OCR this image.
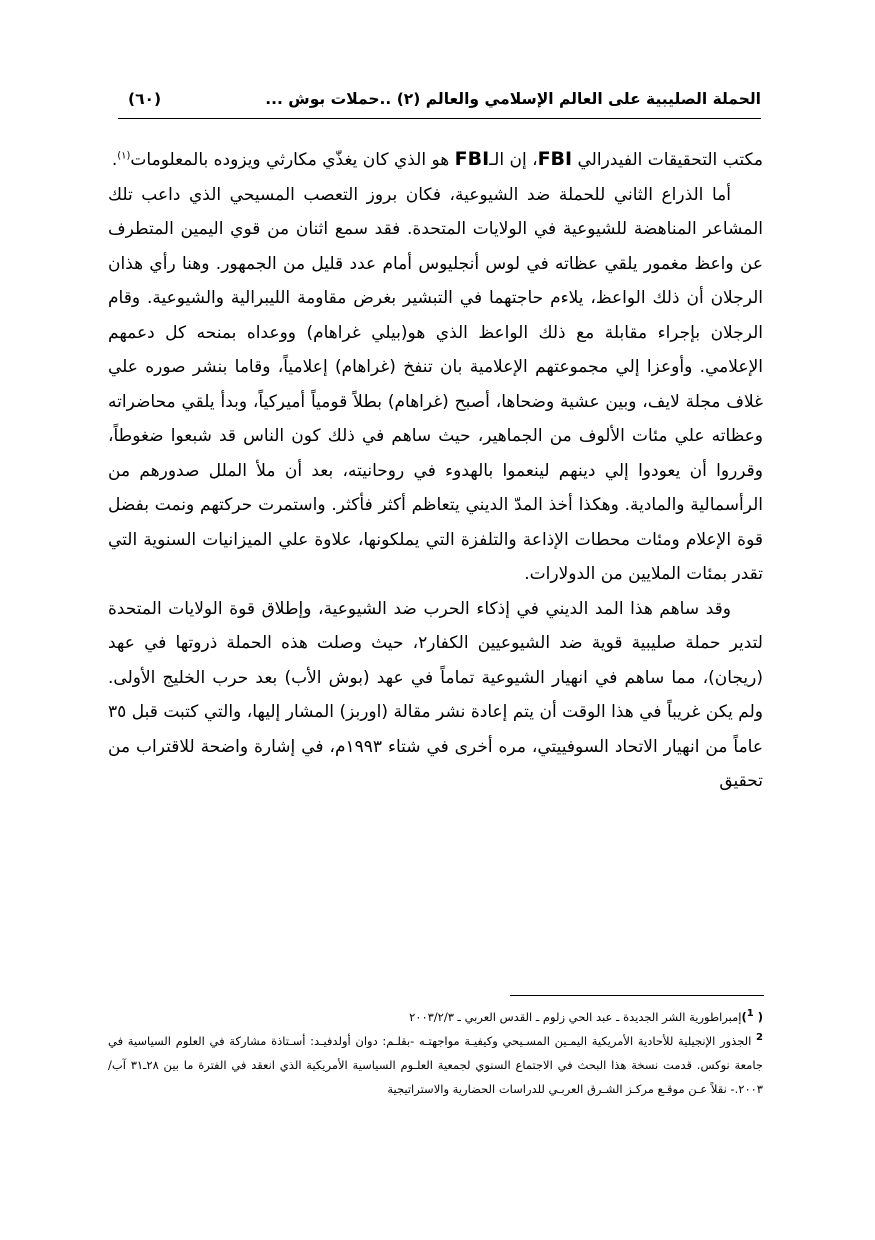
الحملة الصليبية على العالم الإسلامي والعالم (٢) ..حملات بوش ...
(٦٠)

مكتب التحقيقات الفيدرالي FBI، إن الـFBI هو الذي كان يغذّي مكارثي ويزوده بالمعلومات$^{(١)}$.

أما الذراع الثاني للحملة ضد الشيوعية، فكان بروز التعصب المسيحي الذي داعب تلك المشاعر المناهضة للشيوعية في الولايات المتحدة. فقد سمع اثنان من قوي اليمين المتطرف عن واعظ مغمور يلقي عظاته في لوس أنجليوس أمام عدد قليل من الجمهور. وهنا رأي هذان الرجلان أن ذلك الواعظ، يلاءم حاجتهما في التبشير بغرض مقاومة الليبرالية والشيوعية. وقام الرجلان بإجراء مقابلة مع ذلك الواعظ الذي هو(بيلي غراهام) ووعداه بمنحه كل دعمهم الإعلامي. وأوعزا إلي مجموعتهم الإعلامية بان تنفخ (غراهام) إعلامياً، وقاما بنشر صوره علي غلاف مجلة لايف، وبين عشية وضحاها، أصبح (غراهام) بطلاً قومياً أميركياً، وبدأ يلقي محاضراته وعظاته علي مئات الألوف من الجماهير، حيث ساهم في ذلك كون الناس قد شبعوا ضغوطاً، وقرروا أن يعودوا إلي دينهم لينعموا بالهدوء في روحانيته، بعد أن ملأ الملل صدورهم من الرأسمالية والمادية. وهكذا أخذ المدّ الديني يتعاظم أكثر فأكثر. واستمرت حركتهم ونمت بفضل قوة الإعلام ومئات محطات الإذاعة والتلفزة التي يملكونها، علاوة علي الميزانيات السنوية التي تقدر بمئات الملايين من الدولارات.

وقد ساهم هذا المد الديني في إذكاء الحرب ضد الشيوعية، وإطلاق قوة الولايات المتحدة لتدير حملة صليبية قوية ضد الشيوعيين الكفار٢، حيث وصلت هذه الحملة ذروتها في عهد (ريجان)، مما ساهم في انهيار الشيوعية تماماً في عهد (بوش الأب) بعد حرب الخليج الأولى. ولم يكن غريباً في هذا الوقت أن يتم إعادة نشر مقالة (اوربز) المشار إليها، والتي كتبت قبل ٣٥ عاماً من انهيار الاتحاد السوفييتي، مره أخرى في شتاء ١٩٩٣م، في إشارة واضحة للاقتراب من تحقيق

( $^1$)إمبراطورية الشر الجديدة ـ عبد الحي زلوم ـ القدس العربي ـ ٢٠٠٣/٢/٣

$^2$ الجذور الإنجيلية للأحادية الأمريكية اليمـين المسـيحي وكيفيـة مواجهتـه -بقلـم: دوان أولدفيـد: أسـتاذة مشاركة في العلوم السياسية في جامعة نوكس. قدمت نسخة هذا البحث في الاجتماع السنوي لجمعية العلـوم السياسية الأمريكية الذي انعقد في الفترة ما بين ٢٨ـ٣١ آب/٢٠٠٣.- نقلاً عـن موقـع مركـز الشـرق العربـي للدراسات الحضارية والاستراتيجية
